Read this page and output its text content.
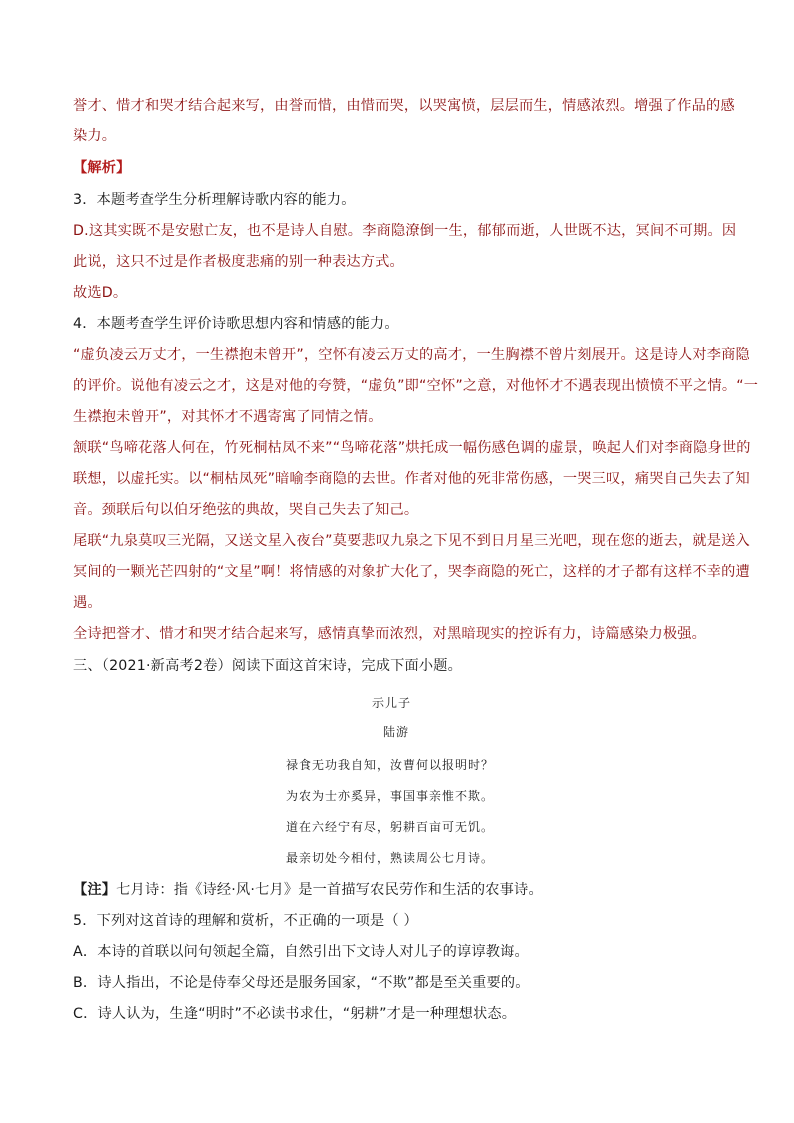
誉才、惜才和哭才结合起来写，由誉而惜，由惜而哭，以哭寓愤，层层而生，情感浓烈。增强了作品的感
染力。
【解析】
3．本题考查学生分析理解诗歌内容的能力。
D.这其实既不是安慰亡友，也不是诗人自慰。李商隐潦倒一生，郁郁而逝，人世既不达，冥间不可期。因
此说，这只不过是作者极度悲痛的别一种表达方式。
故选D。
4．本题考查学生评价诗歌思想内容和情感的能力。
“虚负凌云万丈才，一生襟抱未曾开”，空怀有凌云万丈的高才，一生胸襟不曾片刻展开。这是诗人对李商隐
的评价。说他有凌云之才，这是对他的夸赞，“虚负”即“空怀”之意，对他怀才不遇表现出愤愤不平之情。“一
生襟抱未曾开”，对其怀才不遇寄寓了同情之情。
颔联“鸟啼花落人何在，竹死桐枯凤不来”“鸟啼花落”烘托成一幅伤感色调的虚景，唤起人们对李商隐身世的
联想，以虚托实。以“桐枯凤死”暗喻李商隐的去世。作者对他的死非常伤感，一哭三叹，痛哭自己失去了知
音。颈联后句以伯牙绝弦的典故，哭自己失去了知己。
尾联“九泉莫叹三光隔，又送文星入夜台”莫要悲叹九泉之下见不到日月星三光吧，现在您的逝去，就是送入
冥间的一颗光芒四射的“文星”啊！将情感的对象扩大化了，哭李商隐的死亡，这样的才子都有这样不幸的遭
遇。
全诗把誉才、惜才和哭才结合起来写，感情真挚而浓烈，对黑暗现实的控诉有力，诗篇感染力极强。
三、（2021·新高考2卷）阅读下面这首宋诗，完成下面小题。
示儿子
陆游
禄食无功我自知，汝曹何以报明时？
为农为士亦奚异，事国事亲惟不欺。
道在六经宁有尽，躬耕百亩可无饥。
最亲切处今相付，熟读周公七月诗。
【注】七月诗：指《诗经·风·七月》是一首描写农民劳作和生活的农事诗。
5．下列对这首诗的理解和赏析，不正确的一项是（ ）
A．本诗的首联以问句领起全篇，自然引出下文诗人对儿子的谆谆教诲。
B．诗人指出，不论是侍奉父母还是服务国家，“不欺”都是至关重要的。
C．诗人认为，生逢“明时”不必读书求仕，“躬耕”才是一种理想状态。
